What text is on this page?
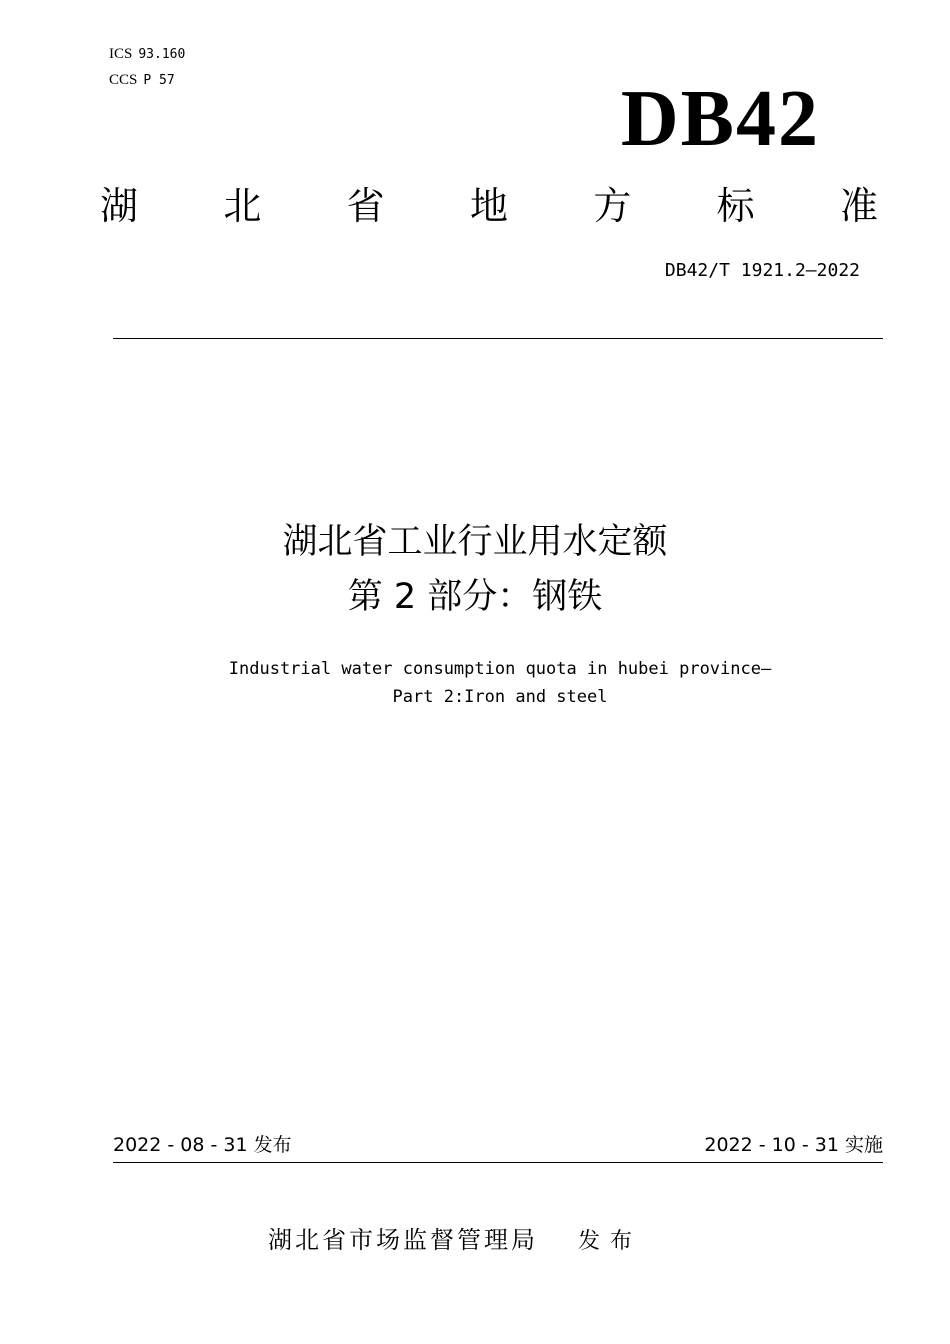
ICS 93.160
CCS P 57	DB42
湖 北 省 地 方 标 准
DB42/T 1921.2—2022
湖北省工业行业用水定额
第 2 部分：钢铁
Industrial water consumption quota in hubei province—
Part 2:Iron and steel
2022 - 08 - 31 发布	2022 - 10 - 31 实施
湖北省市场监督管理局 发布
